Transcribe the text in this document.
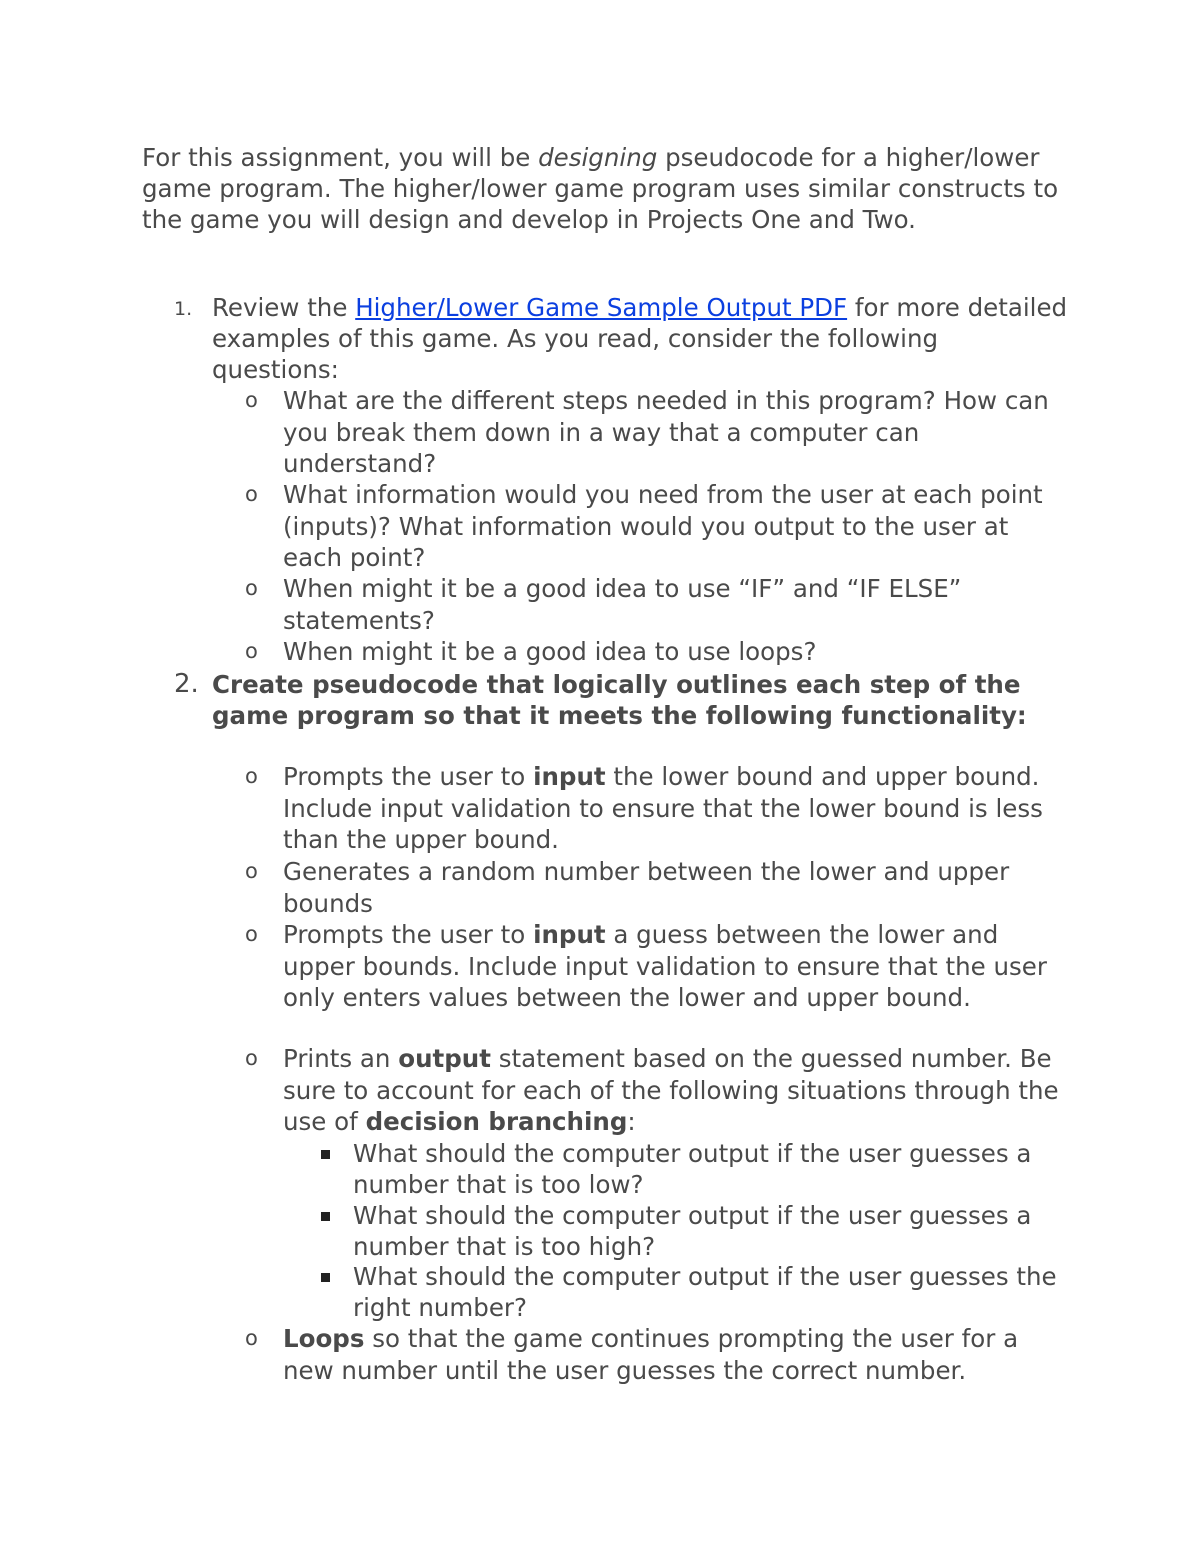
For this assignment, you will be designing pseudocode for a higher/lower game program. The higher/lower game program uses similar constructs to the game you will design and develop in Projects One and Two.

1. Review the Higher/Lower Game Sample Output PDF for more detailed examples of this game. As you read, consider the following questions:
o What are the different steps needed in this program? How can you break them down in a way that a computer can understand?
o What information would you need from the user at each point (inputs)? What information would you output to the user at each point?
o When might it be a good idea to use “IF” and “IF ELSE” statements?
o When might it be a good idea to use loops?
2. Create pseudocode that logically outlines each step of the game program so that it meets the following functionality:
o Prompts the user to input the lower bound and upper bound. Include input validation to ensure that the lower bound is less than the upper bound.
o Generates a random number between the lower and upper bounds
o Prompts the user to input a guess between the lower and upper bounds. Include input validation to ensure that the user only enters values between the lower and upper bound.
o Prints an output statement based on the guessed number. Be sure to account for each of the following situations through the use of decision branching:
What should the computer output if the user guesses a number that is too low?
What should the computer output if the user guesses a number that is too high?
What should the computer output if the user guesses the right number?
o Loops so that the game continues prompting the user for a new number until the user guesses the correct number.
